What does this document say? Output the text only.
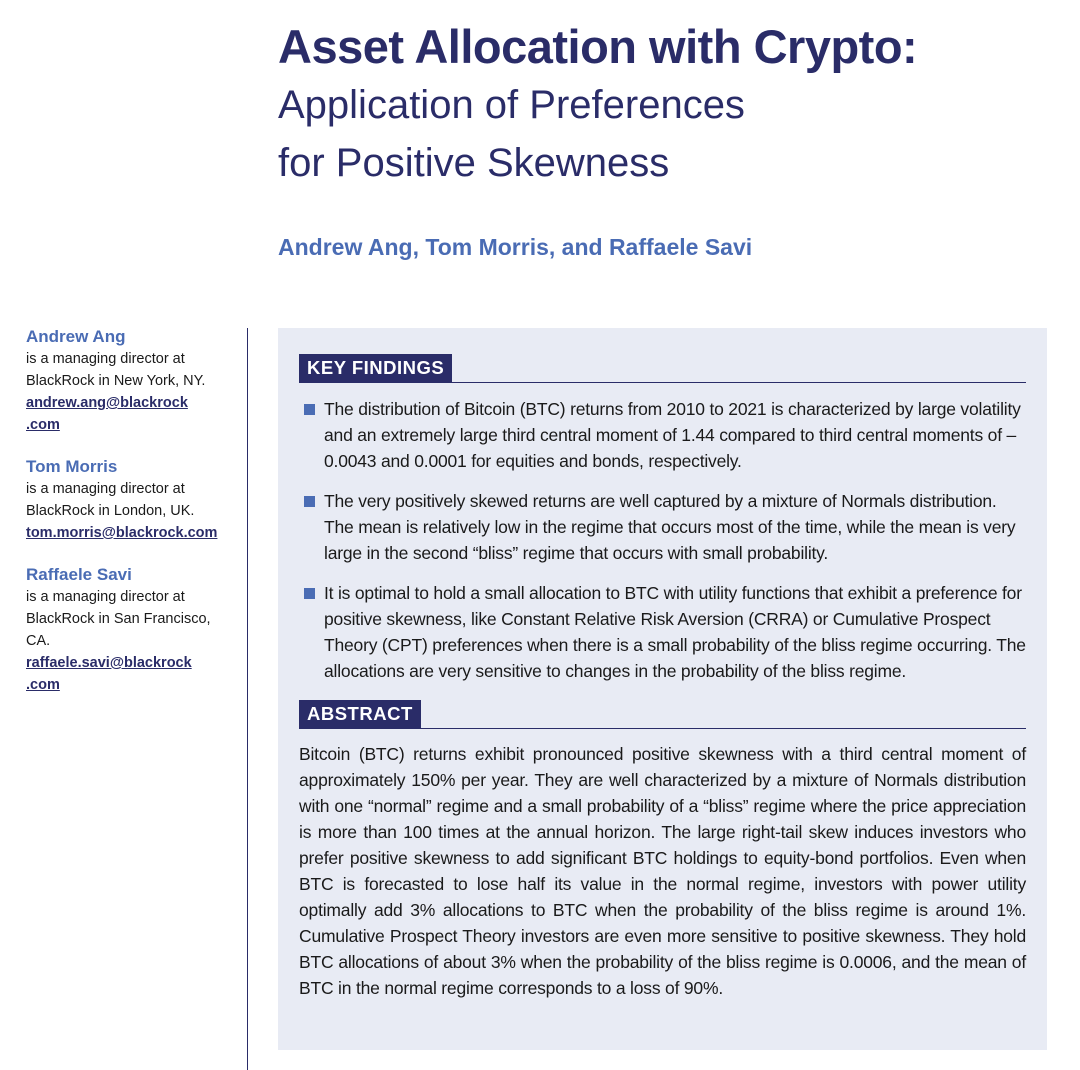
Asset Allocation with Crypto:
Application of Preferences
for Positive Skewness
Andrew Ang, Tom Morris, and Raffaele Savi
Andrew Ang
is a managing director at
BlackRock in New York, NY.
andrew.ang@blackrock
.com
Tom Morris
is a managing director at
BlackRock in London, UK.
tom.morris@blackrock.com
Raffaele Savi
is a managing director at
BlackRock in San Francisco,
CA.
raffaele.savi@blackrock
.com
KEY FINDINGS
The distribution of Bitcoin (BTC) returns from 2010 to 2021 is characterized by large volatility and an extremely large third central moment of 1.44 compared to third central moments of –0.0043 and 0.0001 for equities and bonds, respectively.
The very positively skewed returns are well captured by a mixture of Normals distribution. The mean is relatively low in the regime that occurs most of the time, while the mean is very large in the second “bliss” regime that occurs with small probability.
It is optimal to hold a small allocation to BTC with utility functions that exhibit a preference for positive skewness, like Constant Relative Risk Aversion (CRRA) or Cumulative Prospect Theory (CPT) preferences when there is a small probability of the bliss regime occurring. The allocations are very sensitive to changes in the probability of the bliss regime.
ABSTRACT
Bitcoin (BTC) returns exhibit pronounced positive skewness with a third central moment of approximately 150% per year. They are well characterized by a mixture of Normals distribution with one “normal” regime and a small probability of a “bliss” regime where the price appreciation is more than 100 times at the annual horizon. The large right-tail skew induces investors who prefer positive skewness to add significant BTC holdings to equity-bond portfolios. Even when BTC is forecasted to lose half its value in the normal regime, investors with power utility optimally add 3% allocations to BTC when the probability of the bliss regime is around 1%. Cumulative Prospect Theory investors are even more sensitive to positive skewness. They hold BTC allocations of about 3% when the probability of the bliss regime is 0.0006, and the mean of BTC in the normal regime corresponds to a loss of 90%.
